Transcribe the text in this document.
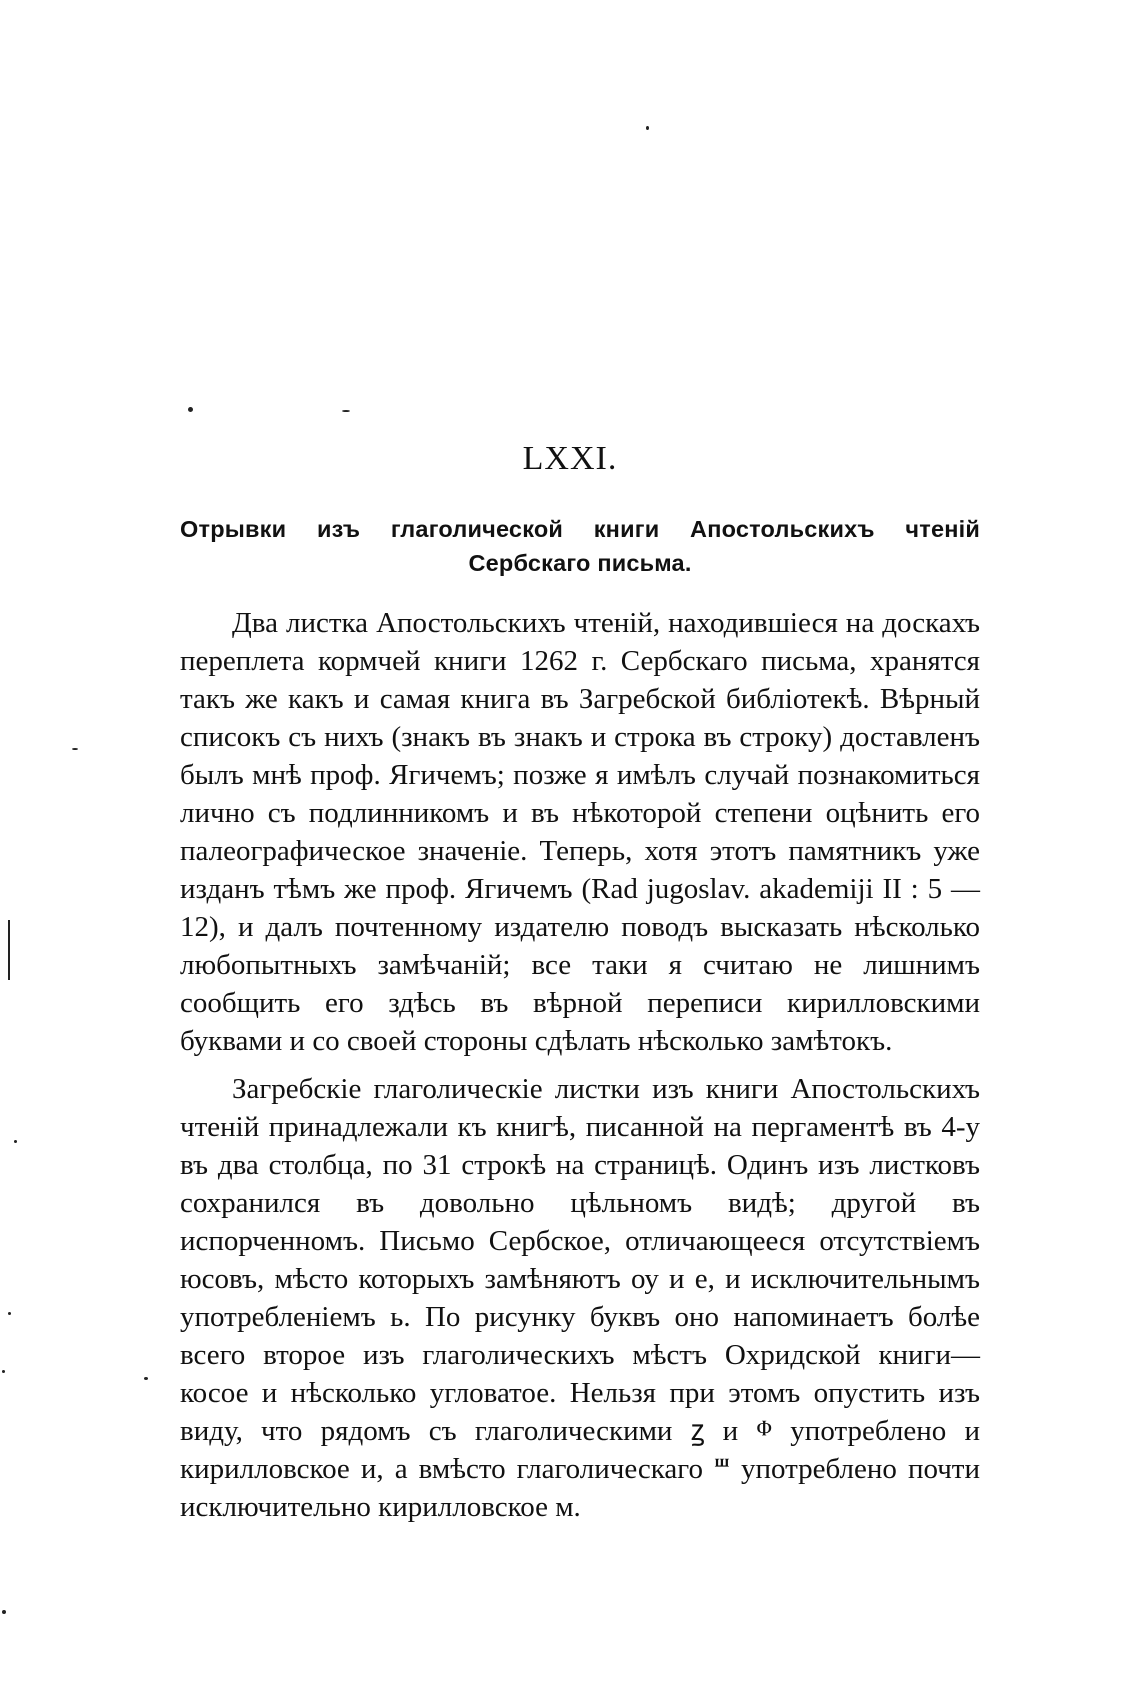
LXXI.
Отрывки изъ глаголической книги Апостольскихъ чтеній Сербскаго письма.

Два листка Апостольскихъ чтеній, находившіеся на доскахъ переплета кормчей книги 1262 г. Сербскаго письма, хранятся такъ же какъ и самая книга въ Загребской библіотекѣ. Вѣрный списокъ съ нихъ (знакъ въ знакъ и строка въ строку) доставленъ былъ мнѣ проф. Ягичемъ; позже я имѣлъ случай познакомиться лично съ подлинникомъ и въ нѣкоторой степени оцѣнить его палеографическое значеніе. Теперь, хотя этотъ памятникъ уже изданъ тѣмъ же проф. Ягичемъ (Rad jugoslav. akademiji II : 5 — 12), и далъ почтенному издателю поводъ высказать нѣсколько любопытныхъ замѣчаній; все таки я считаю не лишнимъ сообщить его здѣсь въ вѣрной переписи кирилловскими буквами и со своей стороны сдѣлать нѣсколько замѣтокъ.

Загребскіе глаголическіе листки изъ книги Апостольскихъ чтеній принадлежали къ книгѣ, писанной на пергаментѣ въ 4-у въ два столбца, по 31 строкѣ на страницѣ. Одинъ изъ листковъ сохранился въ довольно цѣльномъ видѣ; другой въ испорченномъ. Письмо Сербское, отличающееся отсутствіемъ юсовъ, мѣсто которыхъ замѣняютъ оу и е, и исключительнымъ употребленіемъ ь. По рисунку буквъ оно напоминаетъ болѣе всего второе изъ глаголическихъ мѣстъ Охридской книги—косое и нѣсколько угловатое. Нельзя при этомъ опустить изъ виду, что рядомъ съ глаголическими ꙁ и ⱇ употреблено и кирилловское и, а вмѣсто глаголическаго ⱎ употреблено почти исключительно кирилловское м.
